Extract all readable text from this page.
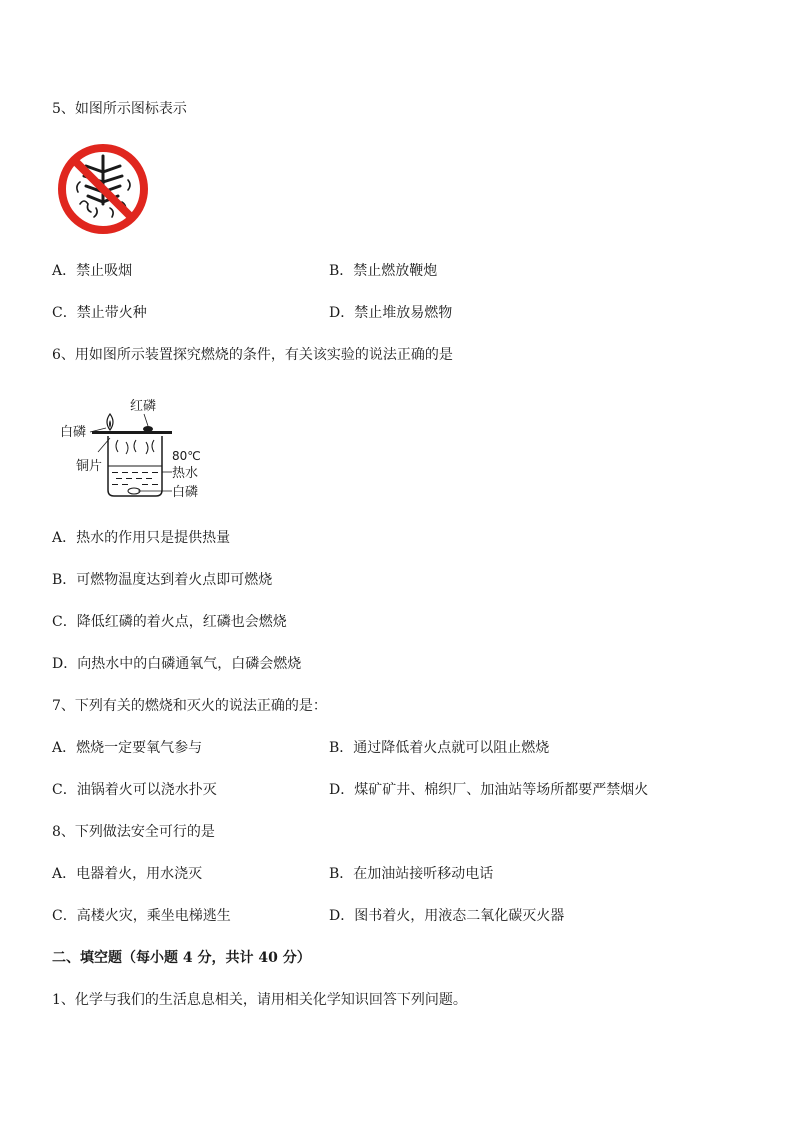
5、如图所示图标表示
A．禁止吸烟	B．禁止燃放鞭炮
C．禁止带火种	D．禁止堆放易燃物
6、用如图所示装置探究燃烧的条件，有关该实验的说法正确的是
红磷
白磷
铜片
80℃
热水
白磷
A．热水的作用只是提供热量
B．可燃物温度达到着火点即可燃烧
C．降低红磷的着火点，红磷也会燃烧
D．向热水中的白磷通氧气，白磷会燃烧
7、下列有关的燃烧和灭火的说法正确的是：
A．燃烧一定要氧气参与	B．通过降低着火点就可以阻止燃烧
C．油锅着火可以浇水扑灭	D．煤矿矿井、棉织厂、加油站等场所都要严禁烟火
8、下列做法安全可行的是
A．电器着火，用水浇灭	B．在加油站接听移动电话
C．高楼火灾，乘坐电梯逃生	D．图书着火，用液态二氧化碳灭火器
二、填空题（每小题 4 分，共计 40 分）
1、化学与我们的生活息息相关，请用相关化学知识回答下列问题。
